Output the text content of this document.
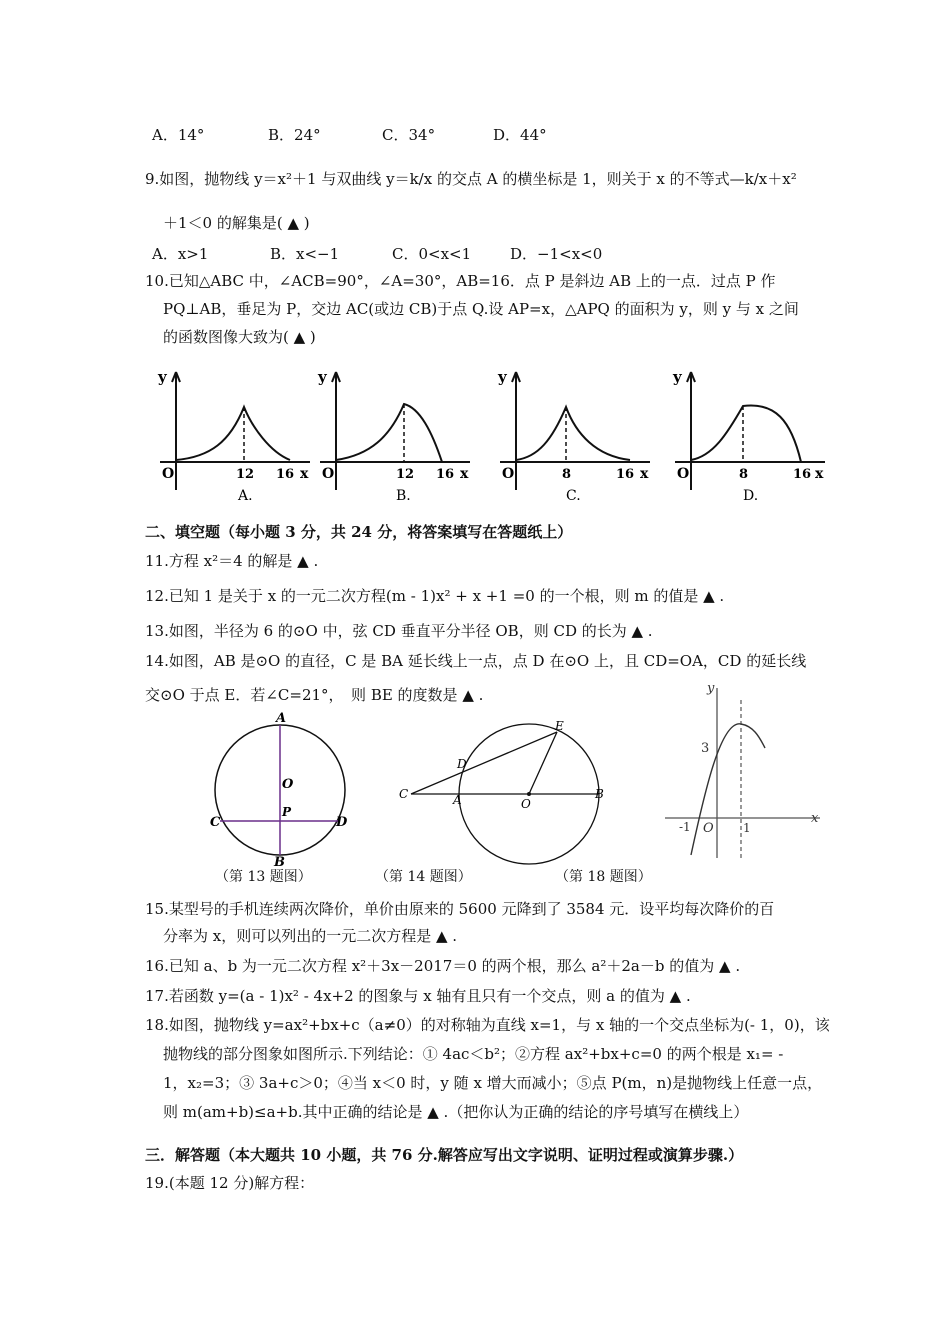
A．14°	B．24°	C．34°	D．44°
9.如图，抛物线 y＝x²＋1 与双曲线 y＝k/x 的交点 A 的横坐标是 1，则关于 x 的不等式—k/x＋x²
＋1＜0 的解集是( ▲ )
A．x>1	B．x<−1	C．0<x<1	D．−1<x<0
10.已知△ABC 中，∠ACB=90°，∠A=30°，AB=16．点 P 是斜边 AB 上的一点．过点 P 作
PQ⊥AB，垂足为 P，交边 AC(或边 CB)于点 Q.设 AP=x，△APQ 的面积为 y，则 y 与 x 之间
的函数图像大致为( ▲ )
y
O	12 16 x
A.
y
O	12 16 x
B.
y
O	8	16 x
C.
y
O	8	16 x
D.
二、填空题（每小题 3 分，共 24 分，将答案填写在答题纸上）
11.方程 x²＝4 的解是 ▲ .
12.已知 1 是关于 x 的一元二次方程(m - 1)x² + x +1 =0 的一个根，则 m 的值是 ▲ .
13.如图，半径为 6 的⊙O 中，弦 CD 垂直平分半径 OB，则 CD 的长为 ▲ .
14.如图，AB 是⊙O 的直径，C 是 BA 延长线上一点，点 D 在⊙O 上，且 CD=OA，CD 的延长线
交⊙O 于点 E．若∠C=21°，　则 BE 的度数是 ▲ .
A
O
P
C	D
B
（第 13 题图）
E
D
C	A	O
B
（第 14 题图）
y
3
-1 O 1
x
（第 18 题图）
15.某型号的手机连续两次降价，单价由原来的 5600 元降到了 3584 元．设平均每次降价的百
分率为 x，则可以列出的一元二次方程是 ▲ .
16.已知 a、b 为一元二次方程 x²＋3x－2017＝0 的两个根，那么 a²＋2a－b 的值为 ▲ .
17.若函数 y=(a - 1)x² - 4x+2 的图象与 x 轴有且只有一个交点，则 a 的值为 ▲ .
18.如图，抛物线 y=ax²+bx+c（a≠0）的对称轴为直线 x=1，与 x 轴的一个交点坐标为(- 1，0)，该
抛物线的部分图象如图所示.下列结论：① 4ac＜b²；②方程 ax²+bx+c=0 的两个根是 x₁= -
1，x₂=3；③ 3a+c＞0；④当 x＜0 时，y 随 x 增大而减小；⑤点 P(m，n)是抛物线上任意一点，
则 m(am+b)≤a+b.其中正确的结论是 ▲ .（把你认为正确的结论的序号填写在横线上）
三．解答题（本大题共 10 小题，共 76 分.解答应写出文字说明、证明过程或演算步骤.）
19.(本题 12 分)解方程：
